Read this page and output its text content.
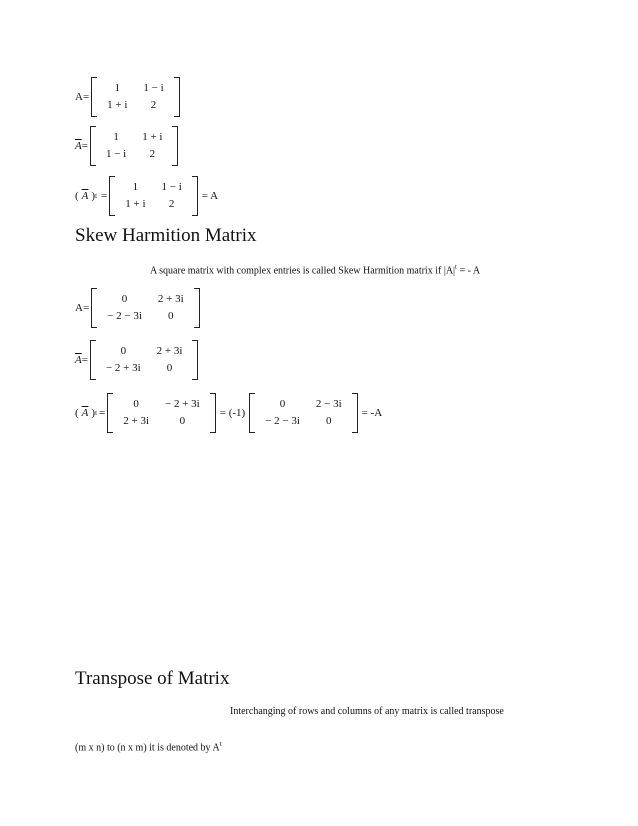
A=
1	1 − i
1 + i	2
$\overline{A}$ =
1	1 + i
1 − i	2
( $\overline{A}$ ) t =
1	1 − i
1 + i	2
= A
Skew Harmition Matrix
A square matrix with complex entries is called Skew Harmition matrix if $|A|^t$ = - A
A=
0	2 + 3i
− 2 − 3i	0
$\overline{A}$ =
0	2 + 3i
− 2 + 3i	0
( $\overline{A}$ ) t =
0	− 2 + 3i
2 + 3i	0
= (-1)
0	2 − 3i
− 2 − 3i	0
= -A
Transpose of Matrix
Interchanging of rows and columns of any matrix is called transpose
(m x n) to (n x m) it is denoted by $A^t$
